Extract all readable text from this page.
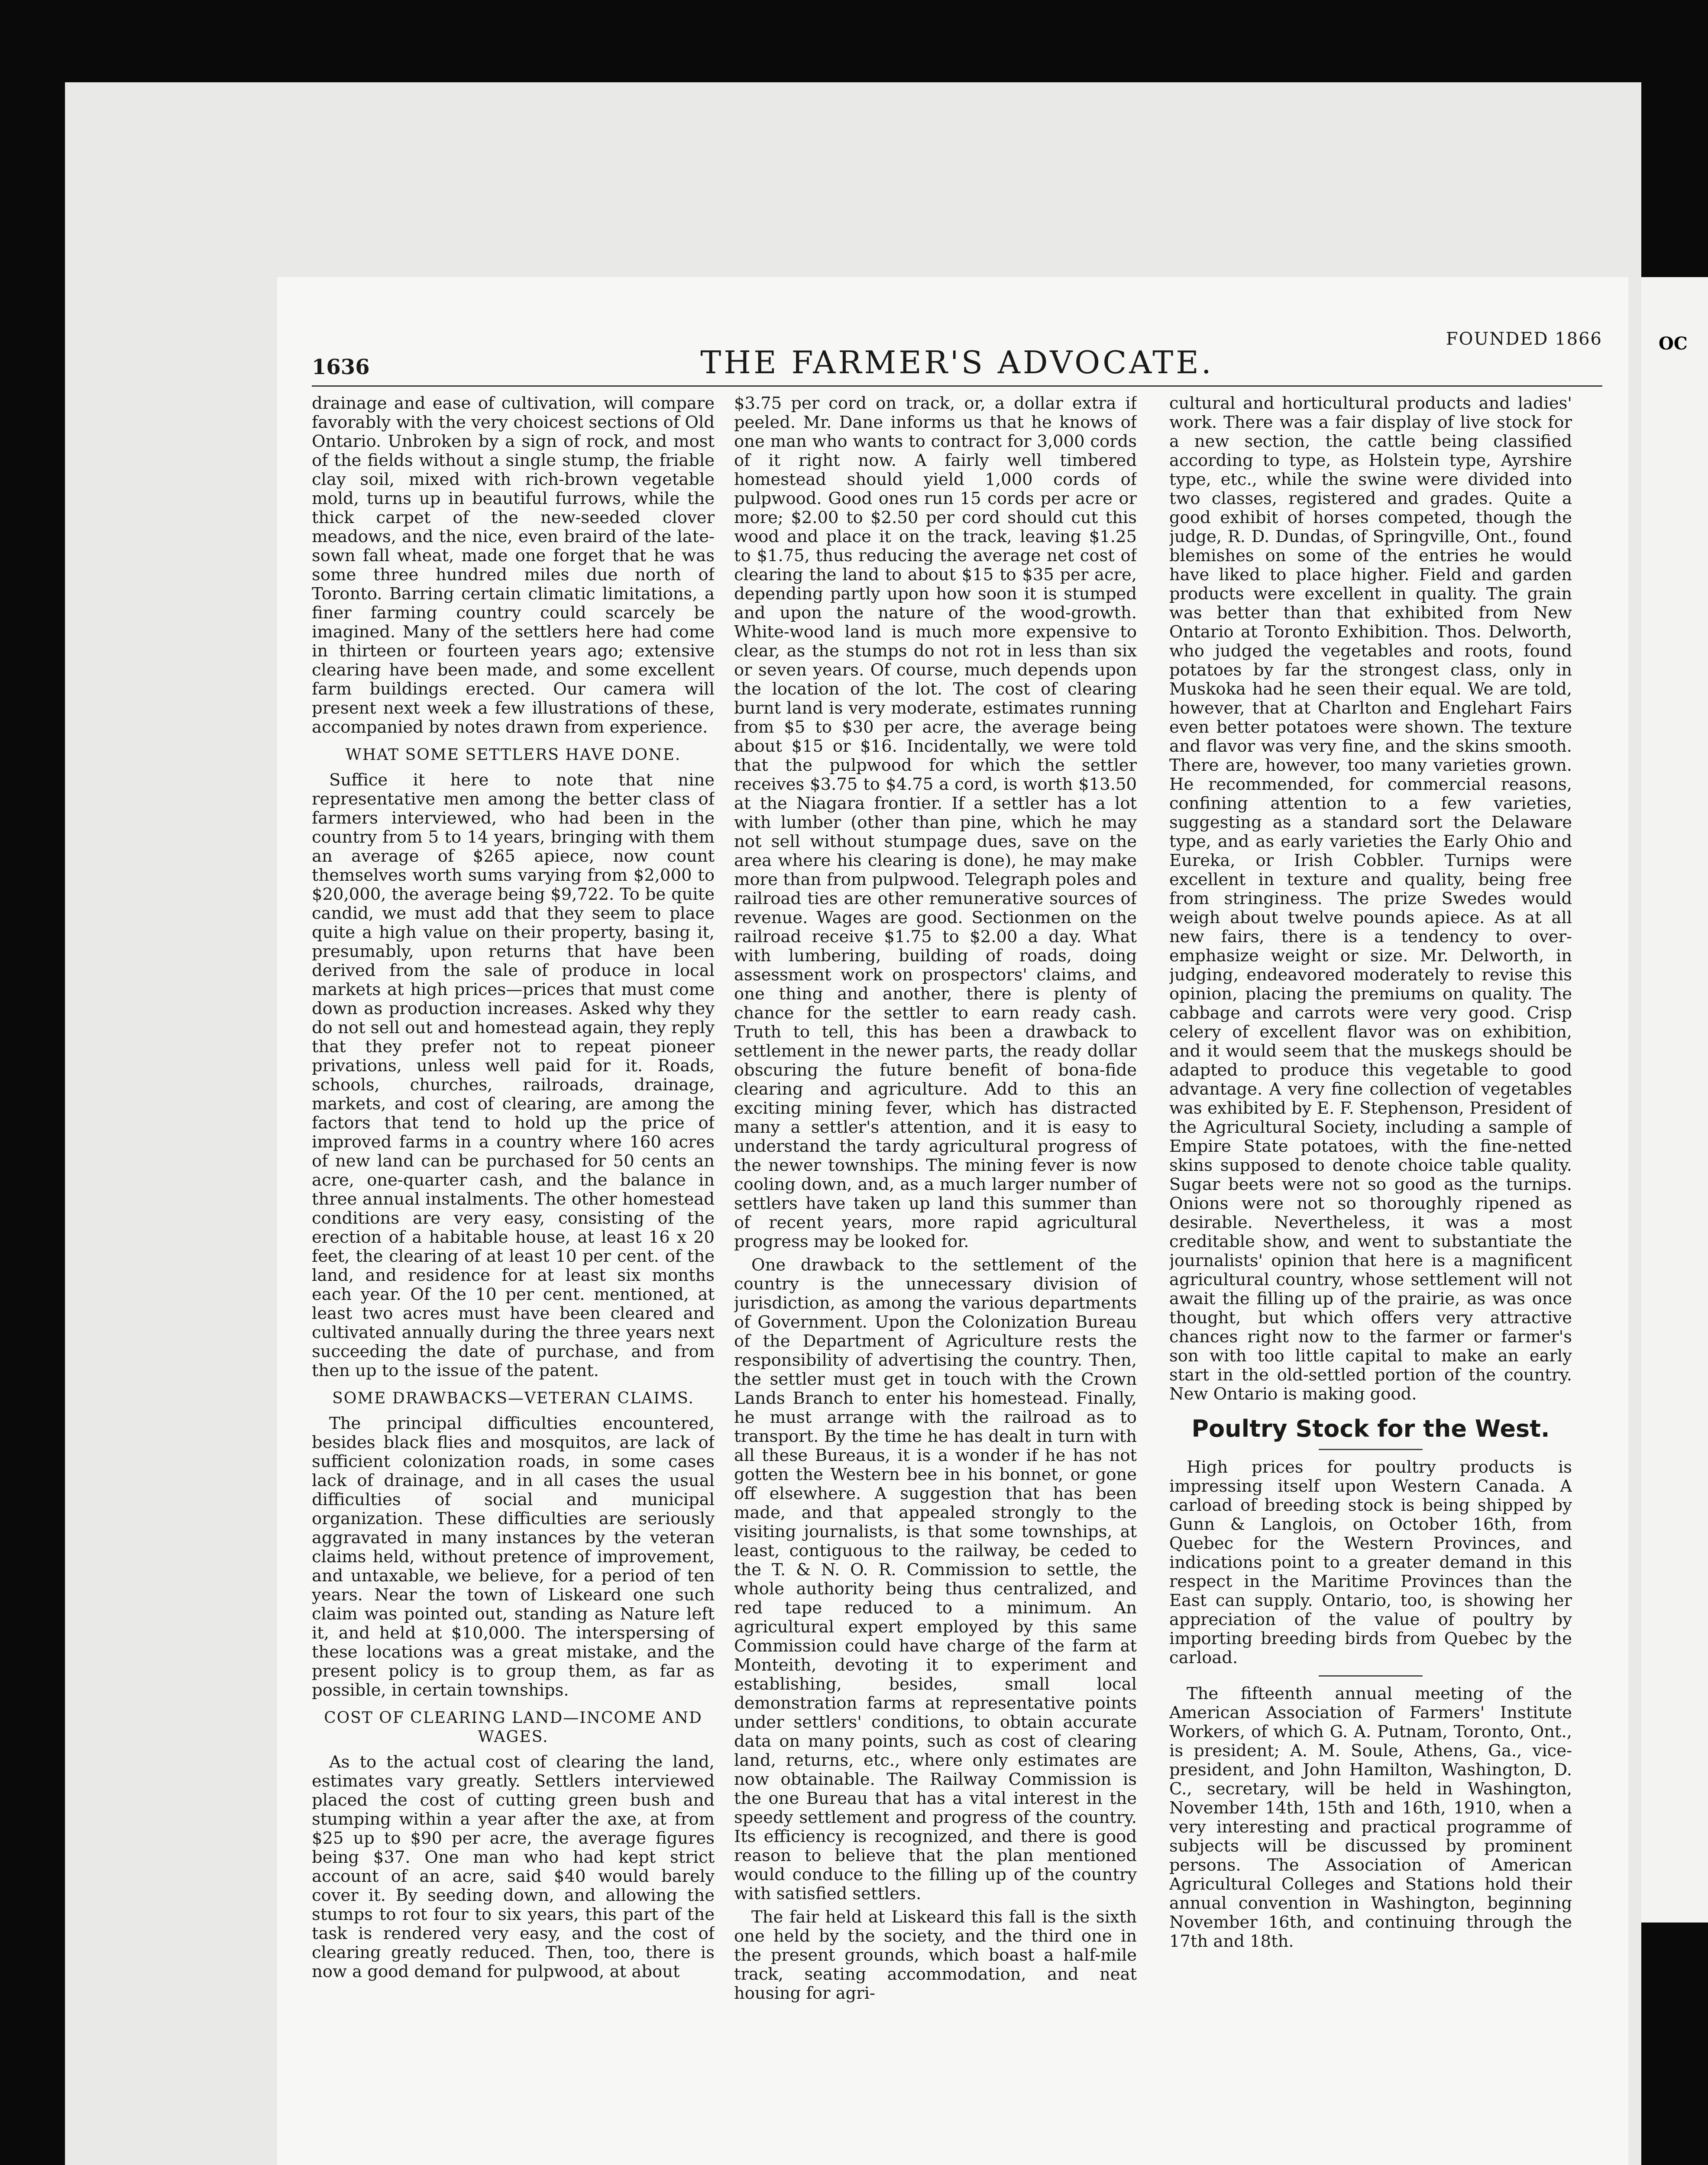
1636	THE FARMER'S ADVOCATE.
FOUNDED 1866

drainage and ease of cultivation, will compare favorably with the very choicest sections of Old Ontario. Unbroken by a sign of rock, and most of the fields without a single stump, the friable clay soil, mixed with rich-brown vegetable mold, turns up in beautiful furrows, while the thick carpet of the new-seeded clover meadows, and the nice, even braird of the late-sown fall wheat, made one forget that he was some three hundred miles due north of Toronto. Barring certain climatic limitations, a finer farming country could scarcely be imagined. Many of the settlers here had come in thirteen or fourteen years ago; extensive clearing have been made, and some excellent farm buildings erected. Our camera will present next week a few illustrations of these, accompanied by notes drawn from experience.

WHAT SOME SETTLERS HAVE DONE.

Suffice it here to note that nine representative men among the better class of farmers interviewed, who had been in the country from 5 to 14 years, bringing with them an average of $265 apiece, now count themselves worth sums varying from $2,000 to $20,000, the average being $9,722. To be quite candid, we must add that they seem to place quite a high value on their property, basing it, presumably, upon returns that have been derived from the sale of produce in local markets at high prices—prices that must come down as production increases. Asked why they do not sell out and homestead again, they reply that they prefer not to repeat pioneer privations, unless well paid for it. Roads, schools, churches, railroads, drainage, markets, and cost of clearing, are among the factors that tend to hold up the price of improved farms in a country where 160 acres of new land can be purchased for 50 cents an acre, one-quarter cash, and the balance in three annual instalments. The other homestead conditions are very easy, consisting of the erection of a habitable house, at least 16 x 20 feet, the clearing of at least 10 per cent. of the land, and residence for at least six months each year. Of the 10 per cent. mentioned, at least two acres must have been cleared and cultivated annually during the three years next succeeding the date of purchase, and from then up to the issue of the patent.

SOME DRAWBACKS—VETERAN CLAIMS.

The principal difficulties encountered, besides black flies and mosquitos, are lack of sufficient colonization roads, in some cases lack of drainage, and in all cases the usual difficulties of social and municipal organization. These difficulties are seriously aggravated in many instances by the veteran claims held, without pretence of improvement, and untaxable, we believe, for a period of ten years. Near the town of Liskeard one such claim was pointed out, standing as Nature left it, and held at $10,000. The interspersing of these locations was a great mistake, and the present policy is to group them, as far as possible, in certain townships.

COST OF CLEARING LAND—INCOME AND WAGES.

As to the actual cost of clearing the land, estimates vary greatly. Settlers interviewed placed the cost of cutting green bush and stumping within a year after the axe, at from $25 up to $90 per acre, the average figures being $37. One man who had kept strict account of an acre, said $40 would barely cover it. By seeding down, and allowing the stumps to rot four to six years, this part of the task is rendered very easy, and the cost of clearing greatly reduced. Then, too, there is now a good demand for pulpwood, at about

$3.75 per cord on track, or, a dollar extra if peeled. Mr. Dane informs us that he knows of one man who wants to contract for 3,000 cords of it right now. A fairly well timbered homestead should yield 1,000 cords of pulpwood. Good ones run 15 cords per acre or more; $2.00 to $2.50 per cord should cut this wood and place it on the track, leaving $1.25 to $1.75, thus reducing the average net cost of clearing the land to about $15 to $35 per acre, depending partly upon how soon it is stumped and upon the nature of the wood-growth. White-wood land is much more expensive to clear, as the stumps do not rot in less than six or seven years. Of course, much depends upon the location of the lot. The cost of clearing burnt land is very moderate, estimates running from $5 to $30 per acre, the average being about $15 or $16. Incidentally, we were told that the pulpwood for which the settler receives $3.75 to $4.75 a cord, is worth $13.50 at the Niagara frontier. If a settler has a lot with lumber (other than pine, which he may not sell without stumpage dues, save on the area where his clearing is done), he may make more than from pulpwood. Telegraph poles and railroad ties are other remunerative sources of revenue. Wages are good. Sectionmen on the railroad receive $1.75 to $2.00 a day. What with lumbering, building of roads, doing assessment work on prospectors' claims, and one thing and another, there is plenty of chance for the settler to earn ready cash. Truth to tell, this has been a drawback to settlement in the newer parts, the ready dollar obscuring the future benefit of bona-fide clearing and agriculture. Add to this an exciting mining fever, which has distracted many a settler's attention, and it is easy to understand the tardy agricultural progress of the newer townships. The mining fever is now cooling down, and, as a much larger number of settlers have taken up land this summer than of recent years, more rapid agricultural progress may be looked for.

One drawback to the settlement of the country is the unnecessary division of jurisdiction, as among the various departments of Government. Upon the Colonization Bureau of the Department of Agriculture rests the responsibility of advertising the country. Then, the settler must get in touch with the Crown Lands Branch to enter his homestead. Finally, he must arrange with the railroad as to transport. By the time he has dealt in turn with all these Bureaus, it is a wonder if he has not gotten the Western bee in his bonnet, or gone off elsewhere. A suggestion that has been made, and that appealed strongly to the visiting journalists, is that some townships, at least, contiguous to the railway, be ceded to the T. & N. O. R. Commission to settle, the whole authority being thus centralized, and red tape reduced to a minimum. An agricultural expert employed by this same Commission could have charge of the farm at Monteith, devoting it to experiment and establishing, besides, small local demonstration farms at representative points under settlers' conditions, to obtain accurate data on many points, such as cost of clearing land, returns, etc., where only estimates are now obtainable. The Railway Commission is the one Bureau that has a vital interest in the speedy settlement and progress of the country. Its efficiency is recognized, and there is good reason to believe that the plan mentioned would conduce to the filling up of the country with satisfied settlers.

The fair held at Liskeard this fall is the sixth one held by the society, and the third one in the present grounds, which boast a half-mile track, seating accommodation, and neat housing for agri-

cultural and horticultural products and ladies' work. There was a fair display of live stock for a new section, the cattle being classified according to type, as Holstein type, Ayrshire type, etc., while the swine were divided into two classes, registered and grades. Quite a good exhibit of horses competed, though the judge, R. D. Dundas, of Springville, Ont., found blemishes on some of the entries he would have liked to place higher. Field and garden products were excellent in quality. The grain was better than that exhibited from New Ontario at Toronto Exhibition. Thos. Delworth, who judged the vegetables and roots, found potatoes by far the strongest class, only in Muskoka had he seen their equal. We are told, however, that at Charlton and Englehart Fairs even better potatoes were shown. The texture and flavor was very fine, and the skins smooth. There are, however, too many varieties grown. He recommended, for commercial reasons, confining attention to a few varieties, suggesting as a standard sort the Delaware type, and as early varieties the Early Ohio and Eureka, or Irish Cobbler. Turnips were excellent in texture and quality, being free from stringiness. The prize Swedes would weigh about twelve pounds apiece. As at all new fairs, there is a tendency to over-emphasize weight or size. Mr. Delworth, in judging, endeavored moderately to revise this opinion, placing the premiums on quality. The cabbage and carrots were very good. Crisp celery of excellent flavor was on exhibition, and it would seem that the muskegs should be adapted to produce this vegetable to good advantage. A very fine collection of vegetables was exhibited by E. F. Stephenson, President of the Agricultural Society, including a sample of Empire State potatoes, with the fine-netted skins supposed to denote choice table quality. Sugar beets were not so good as the turnips. Onions were not so thoroughly ripened as desirable. Nevertheless, it was a most creditable show, and went to substantiate the journalists' opinion that here is a magnificent agricultural country, whose settlement will not await the filling up of the prairie, as was once thought, but which offers very attractive chances right now to the farmer or farmer's son with too little capital to make an early start in the old-settled portion of the country. New Ontario is making good.

Poultry Stock for the West.

High prices for poultry products is impressing itself upon Western Canada. A carload of breeding stock is being shipped by Gunn & Langlois, on October 16th, from Quebec for the Western Provinces, and indications point to a greater demand in this respect in the Maritime Provinces than the East can supply. Ontario, too, is showing her appreciation of the value of poultry by importing breeding birds from Quebec by the carload.

The fifteenth annual meeting of the American Association of Farmers' Institute Workers, of which G. A. Putnam, Toronto, Ont., is president; A. M. Soule, Athens, Ga., vice-president, and John Hamilton, Washington, D. C., secretary, will be held in Washington, November 14th, 15th and 16th, 1910, when a very interesting and practical programme of subjects will be discussed by prominent persons. The Association of American Agricultural Colleges and Stations hold their annual convention in Washington, beginning November 16th, and continuing through the 17th and 18th.

OC
